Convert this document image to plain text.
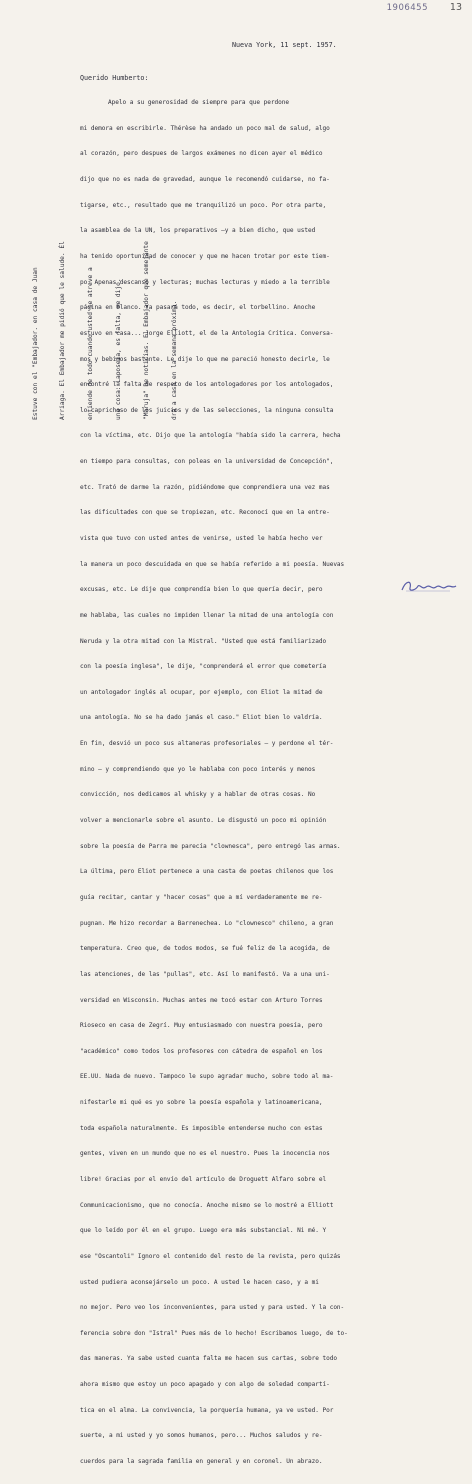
1906455 13
Nueva York, 11 sept. 1957.
Querido Humberto:

Apelo a su generosidad de siempre para que perdone

mi demora en escribirle. Thérèse ha andado un poco mal de salud, algo

al corazón, pero despues de largos exámenes no dicen ayer el médico

dijo que no es nada de gravedad, aunque le recomendó cuidarse, no fa-

tigarse, etc., resultado que me tranquilizó un poco. Por otra parte,

la asamblea de la UN, los preparativos –y a bien dicho, que usted

ha tenido oportunidad de conocer y que me hacen trotar por este tiem-

po. Apenas descanso y lecturas; muchas lecturas y miedo a la terrible

página en blanco. Ya pasará todo, es decir, el torbellino. Anoche

estuvo en casa... Jorge Elliott, el de la Antología Crítica. Conversa-

mos y bebimos bastante. Le dije lo que me pareció honesto decirle, le

encontré la falta de respeto de los antologadores por los antologados,

lo caprichoso de los juicios y de las selecciones, la ninguna consulta

con la víctima, etc. Dijo que la antología "había sido la carrera, hecha

en tiempo para consultas, con poleas en la universidad de Concepción",

etc. Trató de darme la razón, pidiéndome que comprendiera una vez mas

las dificultades con que se tropiezan, etc. Reconocí que en la entre-

vista que tuvo con usted antes de venirse, usted le había hecho ver

la manera un poco descuidada en que se había referido a mi poesía. Nuevas

excusas, etc. Le dije que comprendía bien lo que quería decir, pero

me hablaba, las cuales no impiden llenar la mitad de una antología con

Neruda y la otra mitad con la Mistral. "Usted que está familiarizado

con la poesía inglesa", le dije, "comprenderá el error que cometería

un antologador inglés al ocupar, por ejemplo, con Eliot la mitad de

una antología. No se ha dado jamás el caso." Eliot bien lo valdría.

En fin, desvió un poco sus altaneras profesoriales – y perdone el tér-

mino – y comprendiendo que yo le hablaba con poco interés y menos

convicción, nos dedicamos al whisky y a hablar de otras cosas. No

volver a mencionarle sobre el asunto. Le disgustó un poco mi opinión

sobre la poesía de Parra me parecía "clownesca", pero entregó las armas.

La última, pero Eliot pertenece a una casta de poetas chilenos que los

guía recitar, cantar y "hacer cosas" que a mí verdaderamente me re-

pugnan. Me hizo recordar a Barrenechea. Lo "clownesco" chileno, a gran

temperatura. Creo que, de todos modos, se fué feliz de la acogida, de

las atenciones, de las "pullas", etc. Así lo manifestó. Va a una uni-

versidad en Wisconsin. Muchas antes me tocó estar con Arturo Torres

Rioseco en casa de Zegrí. Muy entusiasmado con nuestra poesía, pero

"académico" como todos los profesores con cátedra de español en los

EE.UU. Nada de nuevo. Tampoco le supo agradar mucho, sobre todo al ma-

nifestarle mi qué es yo sobre la poesía española y latinoamericana,

toda española naturalmente. Es imposible entenderse mucho con estas

gentes, viven en un mundo que no es el nuestro. Pues la inocencia nos

libre! Gracias por el envío del artículo de Droguett Alfaro sobre el

Communicacionismo, que no conocía. Anoche mismo se lo mostré a Elliott

que lo leído por él en el grupo. Luego era más substancial. Ni mé. Y

ese "Oscantoli" Ignoro el contenido del resto de la revista, pero quizás

usted pudiera aconsejárselo un poco. A usted le hacen caso, y a mi

no mejor. Pero veo los inconvenientes, para usted y para usted. Y la con-

ferencia sobre don "Istral" Pues más de lo hecho! Escribamos luego, de to-

das maneras. Ya sabe usted cuanta falta me hacen sus cartas, sobre todo

ahora mismo que estoy un poco apagado y con algo de soledad compartí-

tica en el alma. La convivencia, la porquería humana, ya ve usted. Por

suerte, a mi usted y yo somos humanos, pero... Muchos saludos y re-

cuerdos para la sagrada familia en general y en coronel. Un abrazo.

Estuve con el "Embajador. en casa de Juan

	Arriaga. El Embajador me pidió que le salude. Él

	entiende de todo cuando usted se atreve a

	una cosa: Laposeía, es falta, me dijo.

	"Maruja" De noticias. El Embajador que semejante

	drá a casa en la semana próxima.
